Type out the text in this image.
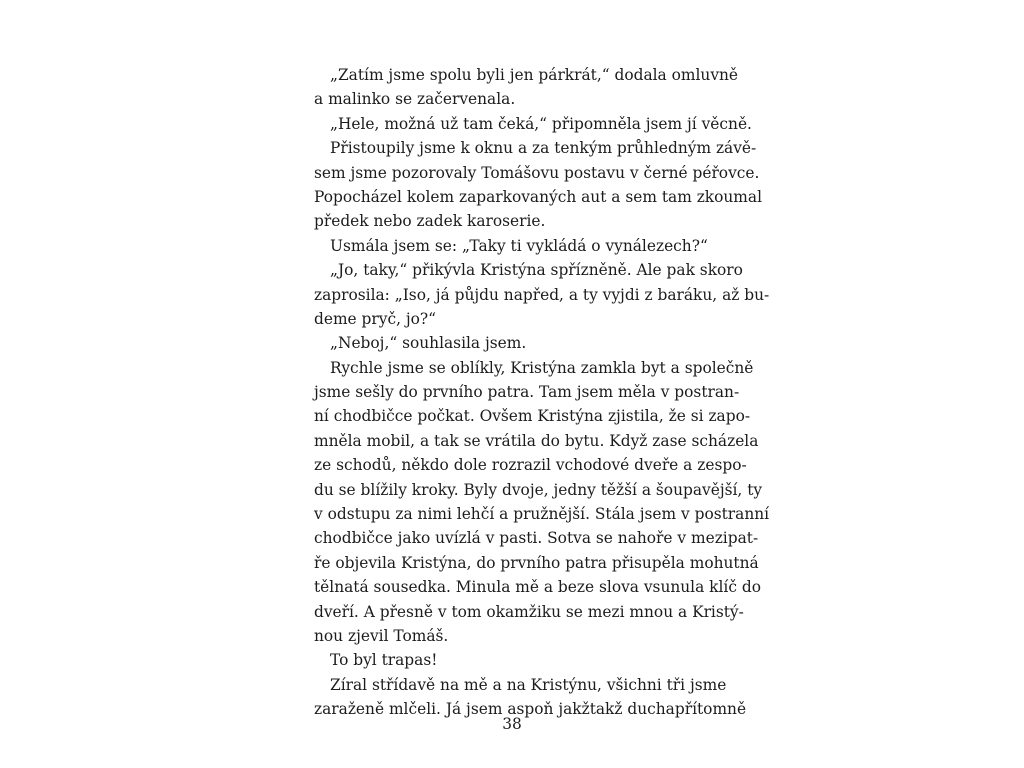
„Zatím jsme spolu byli jen párkrát,“ dodala omluvně
a malinko se začervenala.
„Hele, možná už tam čeká,“ připomněla jsem jí věcně.
Přistoupily jsme k oknu a za tenkým průhledným závě-
sem jsme pozorovaly Tomášovu postavu v černé péřovce.
Popocházel kolem zaparkovaných aut a sem tam zkoumal
předek nebo zadek karoserie.
Usmála jsem se: „Taky ti vykládá o vynálezech?“
„Jo, taky,“ přikývla Kristýna spřízněně. Ale pak skoro
zaprosila: „Iso, já půjdu napřed, a ty vyjdi z baráku, až bu-
deme pryč, jo?“
„Neboj,“ souhlasila jsem.
Rychle jsme se oblíkly, Kristýna zamkla byt a společně
jsme sešly do prvního patra. Tam jsem měla v postran-
ní chodbičce počkat. Ovšem Kristýna zjistila, že si zapo-
mněla mobil, a tak se vrátila do bytu. Když zase scházela
ze schodů, někdo dole rozrazil vchodové dveře a zespo-
du se blížily kroky. Byly dvoje, jedny těžší a šoupavější, ty
v odstupu za nimi lehčí a pružnější. Stála jsem v postranní
chodbičce jako uvízlá v pasti. Sotva se nahoře v mezipat-
ře objevila Kristýna, do prvního patra přisupěla mohutná
tělnatá sousedka. Minula mě a beze slova vsunula klíč do
dveří. A přesně v tom okamžiku se mezi mnou a Kristý-
nou zjevil Tomáš.
To byl trapas!
Zíral střídavě na mě a na Kristýnu, všichni tři jsme
zaraženě mlčeli. Já jsem aspoň jakžtakž duchapřítomně
38
